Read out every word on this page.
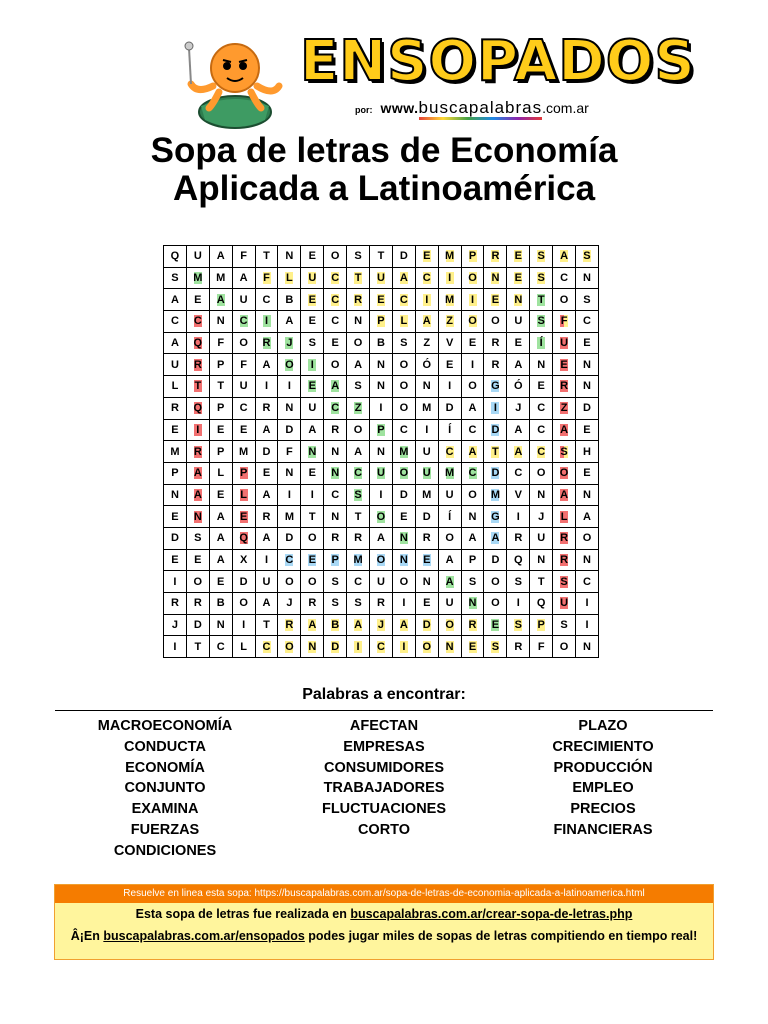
ENSOPADOS
por: www.buscapalabras.com.ar
Sopa de letras de Economía
Aplicada a Latinoamérica
Q	U	A	F	T	N	E	O	S	T	D	E	M	P	R	E	S	A	S
S	M	M	A	F	L	U	C	T	U	A	C	I	O	N	E	S	C	N
A	E	A	U	C	B	E	C	R	E	C	I	M	I	E	N	T	O	S
C	C	N	C	I	A	E	C	N	P	L	A	Z	O	O	U	S	F	C
A	Q	F	O	R	J	S	E	O	B	S	Z	V	E	R	E	Í	U	E
U	R	P	F	A	O	I	O	A	N	O	Ó	E	I	R	A	N	E	N
L	T	T	U	I	I	E	A	S	N	O	N	I	O	G	Ó	E	R	N
R	Q	P	C	R	N	U	C	Z	I	O	M	D	A	I	J	C	Z	D
E	I	E	E	A	D	A	R	O	P	C	I	Í	C	D	A	C	A	E
M	R	P	M	D	F	N	N	A	N	M	U	C	A	T	A	C	S	H
P	A	L	P	E	N	E	N	C	U	O	U	M	C	D	C	O	O	E
N	A	E	L	A	I	I	C	S	I	D	M	U	O	M	V	N	A	N
E	N	A	E	R	M	T	N	T	O	E	D	Í	N	G	I	J	L	A
D	S	A	Q	A	D	O	R	R	A	N	R	O	A	A	R	U	R	O
E	E	A	X	I	C	E	P	M	O	N	E	A	P	D	Q	N	R	N
I	O	E	D	U	O	O	S	C	U	O	N	A	S	O	S	T	S	C
R	R	B	O	A	J	R	S	S	R	I	E	U	N	O	I	Q	U	I
J	D	N	I	T	R	A	B	A	J	A	D	O	R	E	S	P	S	I
I	T	C	L	C	O	N	D	I	C	I	O	N	E	S	R	F	O	N
Palabras a encontrar:
MACROECONOMÍA
CONDUCTA
ECONOMÍA
CONJUNTO
EXAMINA
FUERZAS
CONDICIONES
AFECTAN
EMPRESAS
CONSUMIDORES
TRABAJADORES
FLUCTUACIONES
CORTO
PLAZO
CRECIMIENTO
PRODUCCIÓN
EMPLEO
PRECIOS
FINANCIERAS
Resuelve en linea esta sopa: https://buscapalabras.com.ar/sopa-de-letras-de-economia-aplicada-a-latinoamerica.html
Esta sopa de letras fue realizada en buscapalabras.com.ar/crear-sopa-de-letras.php
Â¡En buscapalabras.com.ar/ensopados podes jugar miles de sopas de letras compitiendo en tiempo real!
